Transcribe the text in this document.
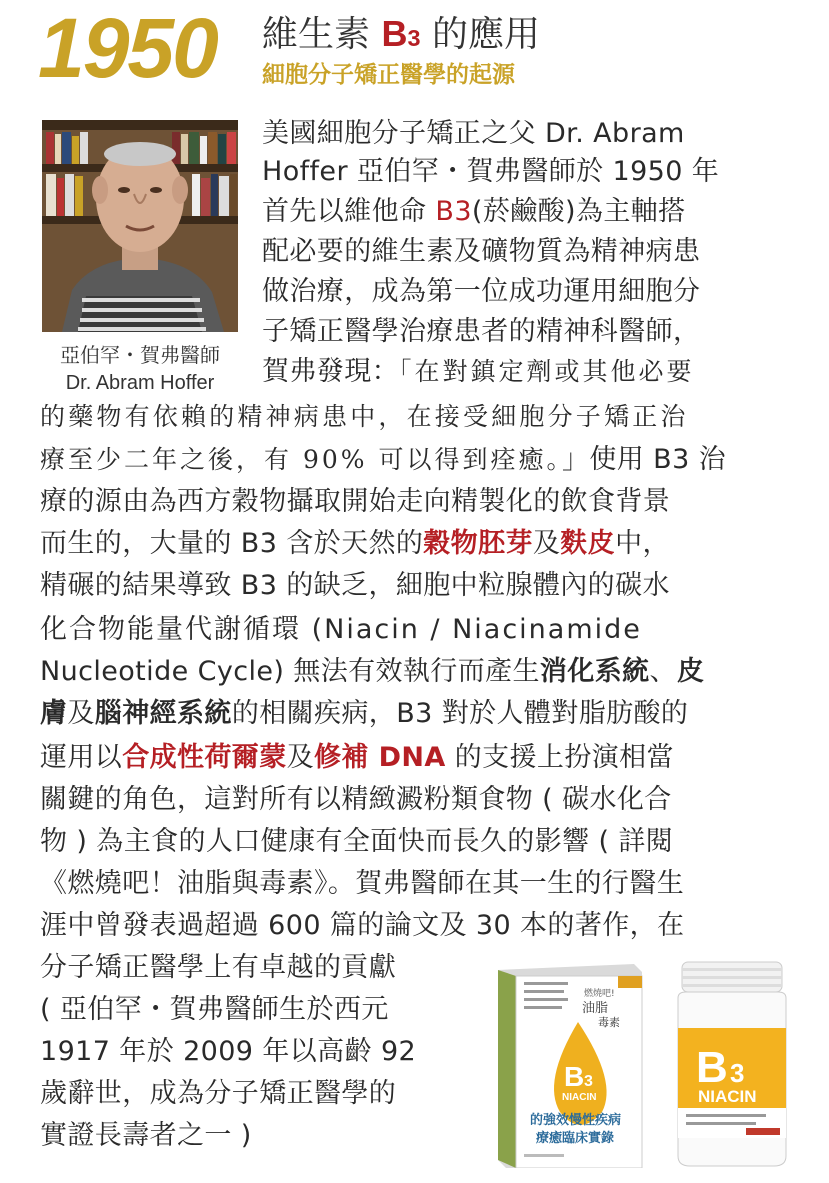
1950 維生素 B3 的應用
細胞分子矯正醫學的起源
亞伯罕・賀弗醫師
Dr. Abram Hoffer
美國細胞分子矯正之父 Dr. Abram
Hoffer 亞伯罕・賀弗醫師於 1950 年
首先以維他命 B3(菸鹼酸)為主軸搭
配必要的維生素及礦物質為精神病患
做治療，成為第一位成功運用細胞分
子矯正醫學治療患者的精神科醫師，
賀弗發現：「在對鎮定劑或其他必要
的藥物有依賴的精神病患中，在接受細胞分子矯正治
療至少二年之後，有 90% 可以得到痊癒。」使用 B3 治
療的源由為西方穀物攝取開始走向精製化的飲食背景
而生的，大量的 B3 含於天然的穀物胚芽及麩皮中，
精碾的結果導致 B3 的缺乏，細胞中粒腺體內的碳水
化合物能量代謝循環 (Niacin / Niacinamide
Nucleotide Cycle) 無法有效執行而產生消化系統、皮
膚及腦神經系統的相關疾病，B3 對於人體對脂肪酸的
運用以合成性荷爾蒙及修補 DNA 的支援上扮演相當
關鍵的角色，這對所有以精緻澱粉類食物 ( 碳水化合
物 ) 為主食的人口健康有全面快而長久的影響 ( 詳閱
《燃燒吧！油脂與毒素》。賀弗醫師在其一生的行醫生
涯中曾發表過超過 600 篇的論文及 30 本的著作，在
分子矯正醫學上有卓越的貢獻
( 亞伯罕・賀弗醫師生於西元
1917 年於 2009 年以高齡 92
歲辭世，成為分子矯正醫學的
實證長壽者之一 )
燃燒吧!
油脂
毒素
B 3
NIACIN
的強效慢性疾病
療癒臨床實錄
B 3
NIACIN
